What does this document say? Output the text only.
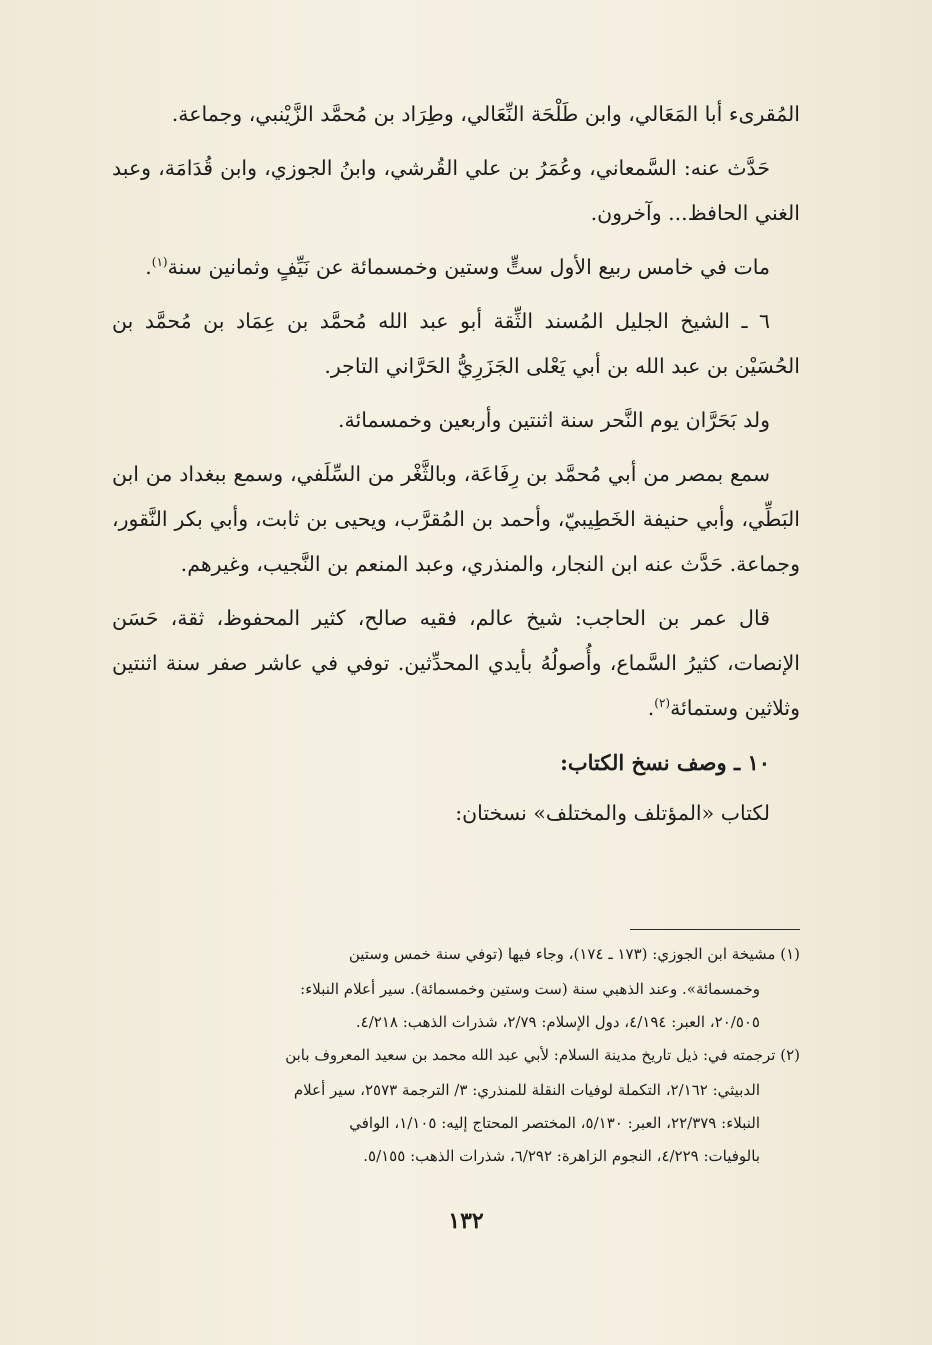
المُقرىء أبا المَعَالي، وابن طَلْحَة النِّعَالي، وطِرَاد بن مُحمَّد الزَّيْنبي، وجماعة.

حَدَّث عنه: السَّمعاني، وعُمَرُ بن علي القُرشي، وابنُ الجوزي، وابن قُدَامَة، وعبد الغني الحافظ... وآخرون.

مات في خامس ربيع الأول ستٍّ وستين وخمسمائة عن نَيِّفٍ وثمانين سنة$^{(١)}$.

٦ ـ الشيخ الجليل المُسند الثِّقة أبو عبد الله مُحمَّد بن عِمَاد بن مُحمَّد بن الحُسَيْن بن عبد الله بن أبي يَعْلى الجَزَرِيُّ الحَرَّاني التاجر.

ولد بَحَرَّان يوم النَّحر سنة اثنتين وأربعين وخمسمائة.

سمع بمصر من أبي مُحمَّد بن رِفَاعَة، وبالثَّغْر من السِّلَفي، وسمع ببغداد من ابن البَطِّي، وأبي حنيفة الخَطِيبيّ، وأحمد بن المُقرَّب، ويحيى بن ثابت، وأبي بكر النَّقور، وجماعة. حَدَّث عنه ابن النجار، والمنذري، وعبد المنعم بن النَّجيب، وغيرهم.

قال عمر بن الحاجب: شيخ عالم، فقيه صالح، كثير المحفوظ، ثقة، حَسَن الإنصات، كثيرُ السَّماع، وأُصولُهُ بأيدي المحدِّثين. توفي في عاشر صفر سنة اثنتين وثلاثين وستمائة$^{(٢)}$.

١٠ ـ وصف نسخ الكتاب:

لكتاب «المؤتلف والمختلف» نسختان:

(١) مشيخة ابن الجوزي: (١٧٣ ـ ١٧٤)، وجاء فيها (توفي سنة خمس وستين

وخمسمائة». وعند الذهبي سنة (ست وستين وخمسمائة). سير أعلام النبلاء:

٢٠/٥٠٥، العبر: ٤/١٩٤، دول الإسلام: ٢/٧٩، شذرات الذهب: ٤/٢١٨.

(٢) ترجمته في: ذيل تاريخ مدينة السلام: لأبي عبد الله محمد بن سعيد المعروف بابن

الدبيثي: ٢/١٦٢، التكملة لوفيات النقلة للمنذري: ٣/ الترجمة ٢٥٧٣، سير أعلام

النبلاء: ٢٢/٣٧٩، العبر: ٥/١٣٠، المختصر المحتاج إليه: ١/١٠٥، الوافي

بالوفيات: ٤/٢٢٩، النجوم الزاهرة: ٦/٢٩٢، شذرات الذهب: ٥/١٥٥.

١٣٢
